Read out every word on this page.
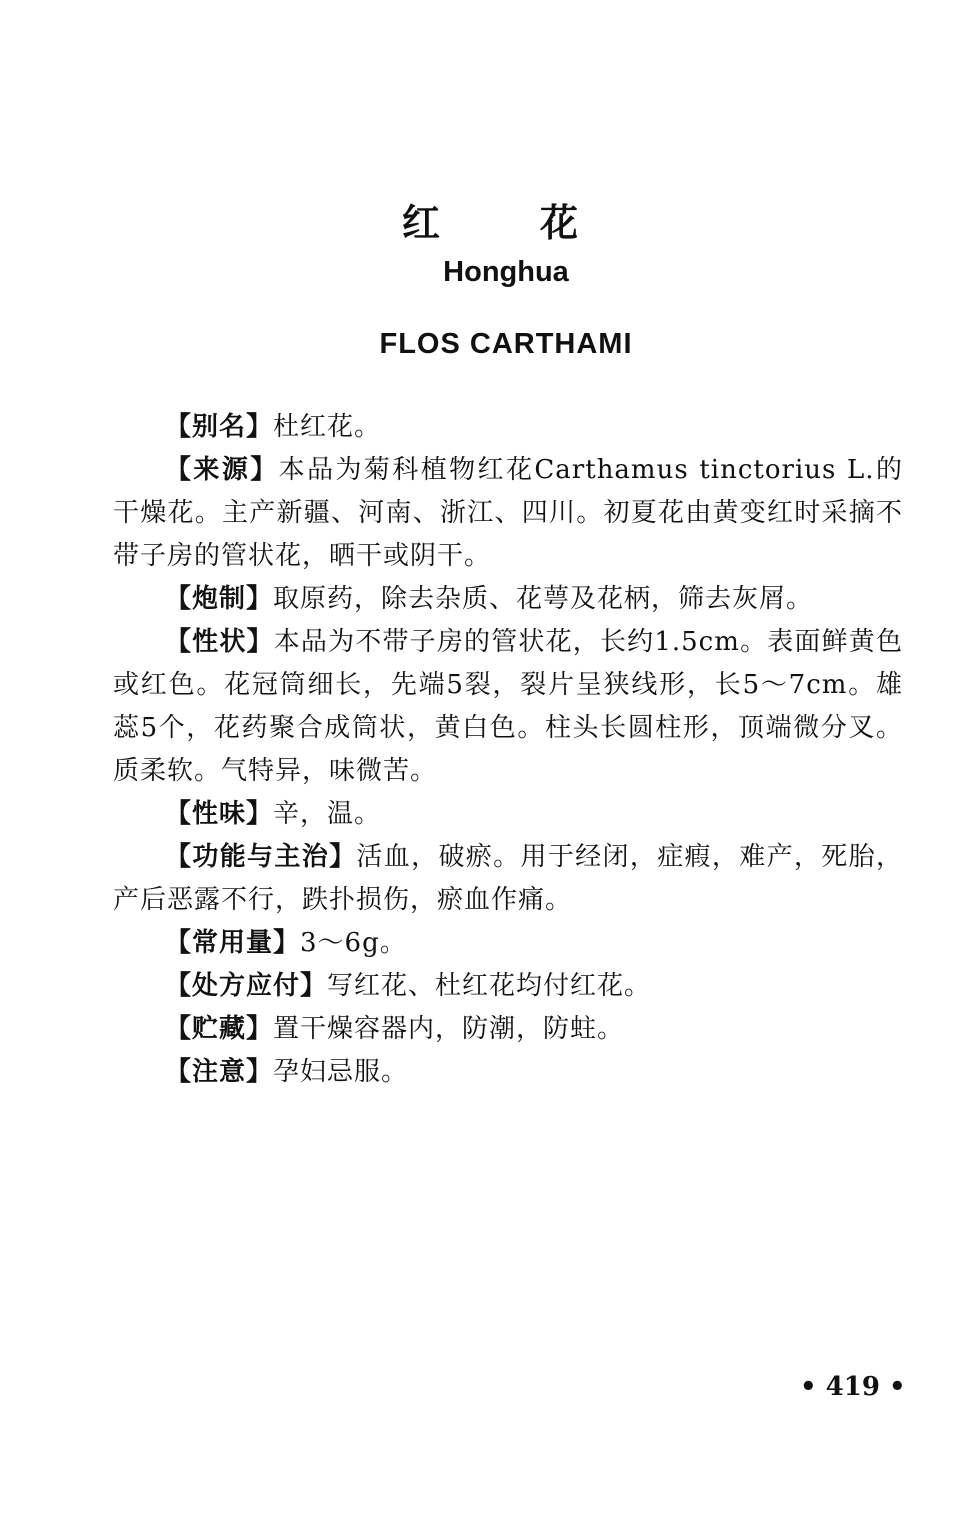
红花
Honghua
FLOS CARTHAMI

【别名】杜红花。

【来源】本品为菊科植物红花Carthamus tinctorius L.的干燥花。主产新疆、河南、浙江、四川。初夏花由黄变红时采摘不带子房的管状花，晒干或阴干。

【炮制】取原药，除去杂质、花萼及花柄，筛去灰屑。

【性状】本品为不带子房的管状花，长约1.5cm。表面鲜黄色或红色。花冠筒细长，先端5裂，裂片呈狭线形，长5～7cm。雄蕊5个，花药聚合成筒状，黄白色。柱头长圆柱形，顶端微分叉。质柔软。气特异，味微苦。

【性味】辛，温。

【功能与主治】活血，破瘀。用于经闭，症瘕，难产，死胎，产后恶露不行，跌扑损伤，瘀血作痛。

【常用量】3～6g。

【处方应付】写红花、杜红花均付红花。

【贮藏】置干燥容器内，防潮，防蛀。

【注意】孕妇忌服。

• 419 •
